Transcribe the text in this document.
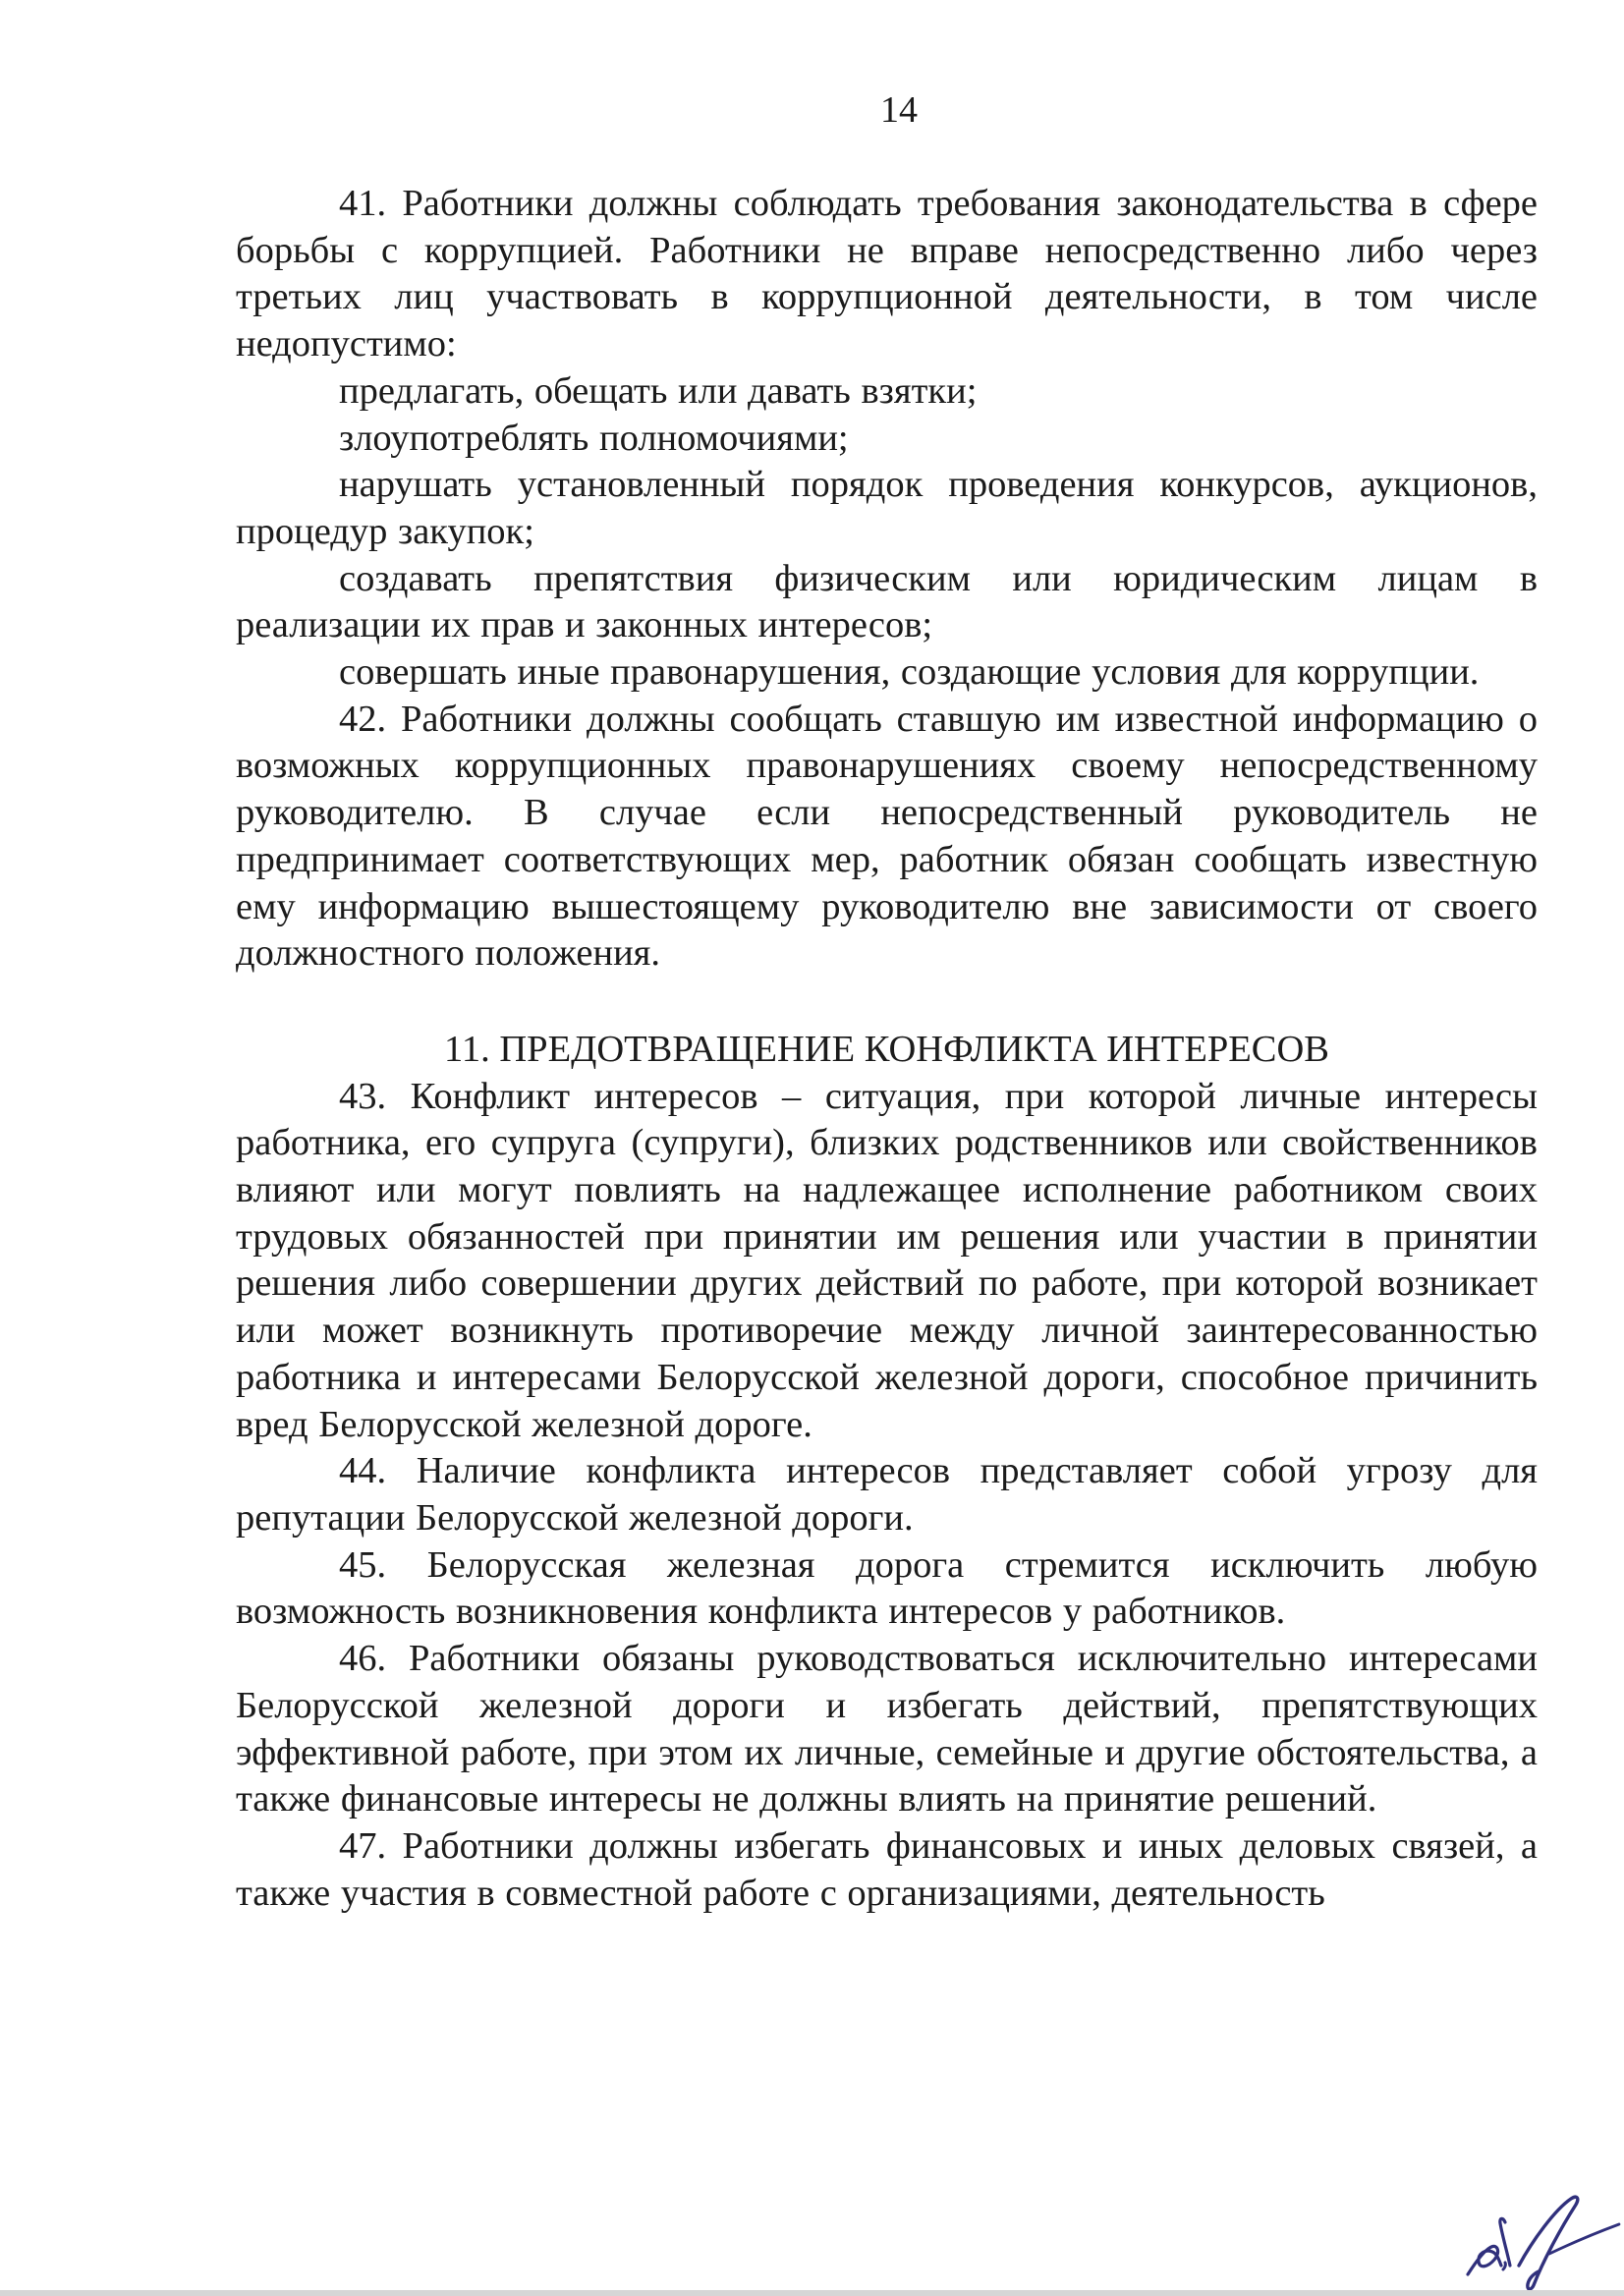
14
41. Работники должны соблюдать требования законодательства в сфере борьбы с коррупцией. Работники не вправе непосредственно либо через третьих лиц участвовать в коррупционной деятельности, в том числе недопустимо:
предлагать, обещать или давать взятки;
злоупотреблять полномочиями;
нарушать установленный порядок проведения конкурсов, аукционов, процедур закупок;
создавать препятствия физическим или юридическим лицам в реализации их прав и законных интересов;
совершать иные правонарушения, создающие условия для коррупции.
42. Работники должны сообщать ставшую им известной информацию о возможных коррупционных правонарушениях своему непосредственному руководителю. В случае если непосредственный руководитель не предпринимает соответствующих мер, работник обязан сообщать известную ему информацию вышестоящему руководителю вне зависимости от своего должностного положения.
11. ПРЕДОТВРАЩЕНИЕ КОНФЛИКТА ИНТЕРЕСОВ
43. Конфликт интересов – ситуация, при которой личные интересы работника, его супруга (супруги), близких родственников или свойственников влияют или могут повлиять на надлежащее исполнение работником своих трудовых обязанностей при принятии им решения или участии в принятии решения либо совершении других действий по работе, при которой возникает или может возникнуть противоречие между личной заинтересованностью работника и интересами Белорусской железной дороги, способное причинить вред Белорусской железной дороге.
44. Наличие конфликта интересов представляет собой угрозу для репутации Белорусской железной дороги.
45. Белорусская железная дорога стремится исключить любую возможность возникновения конфликта интересов у работников.
46. Работники обязаны руководствоваться исключительно интересами Белорусской железной дороги и избегать действий, препятствующих эффективной работе, при этом их личные, семейные и другие обстоятельства, а также финансовые интересы не должны влиять на принятие решений.
47. Работники должны избегать финансовых и иных деловых связей, а также участия в совместной работе с организациями, деятельность
